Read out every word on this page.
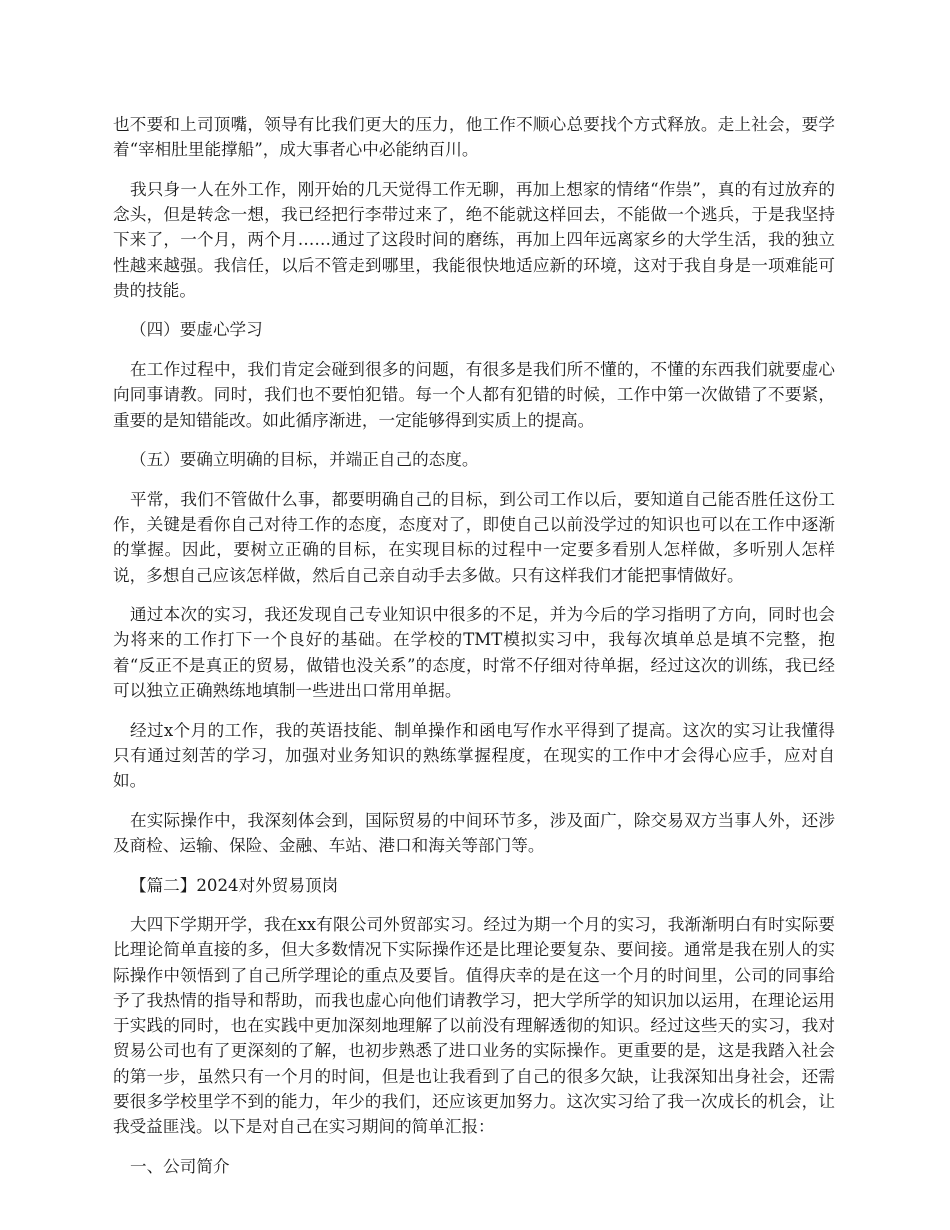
也不要和上司顶嘴，领导有比我们更大的压力，他工作不顺心总要找个方式释放。走上社会，要学着“宰相肚里能撑船”，成大事者心中必能纳百川。

我只身一人在外工作，刚开始的几天觉得工作无聊，再加上想家的情绪“作祟”，真的有过放弃的念头，但是转念一想，我已经把行李带过来了，绝不能就这样回去，不能做一个逃兵，于是我坚持下来了，一个月，两个月……通过了这段时间的磨练，再加上四年远离家乡的大学生活，我的独立性越来越强。我信任，以后不管走到哪里，我能很快地适应新的环境，这对于我自身是一项难能可贵的技能。

（四）要虚心学习

在工作过程中，我们肯定会碰到很多的问题，有很多是我们所不懂的，不懂的东西我们就要虚心向同事请教。同时，我们也不要怕犯错。每一个人都有犯错的时候，工作中第一次做错了不要紧，重要的是知错能改。如此循序渐进，一定能够得到实质上的提高。

（五）要确立明确的目标，并端正自己的态度。

平常，我们不管做什么事，都要明确自己的目标，到公司工作以后，要知道自己能否胜任这份工作，关键是看你自己对待工作的态度，态度对了，即使自己以前没学过的知识也可以在工作中逐渐的掌握。因此，要树立正确的目标，在实现目标的过程中一定要多看别人怎样做，多听别人怎样说，多想自己应该怎样做，然后自己亲自动手去多做。只有这样我们才能把事情做好。

通过本次的实习，我还发现自己专业知识中很多的不足，并为今后的学习指明了方向，同时也会为将来的工作打下一个良好的基础。在学校的TMT模拟实习中，我每次填单总是填不完整，抱着“反正不是真正的贸易，做错也没关系”的态度，时常不仔细对待单据，经过这次的训练，我已经可以独立正确熟练地填制一些进出口常用单据。

经过x个月的工作，我的英语技能、制单操作和函电写作水平得到了提高。这次的实习让我懂得只有通过刻苦的学习，加强对业务知识的熟练掌握程度，在现实的工作中才会得心应手，应对自如。

在实际操作中，我深刻体会到，国际贸易的中间环节多，涉及面广，除交易双方当事人外，还涉及商检、运输、保险、金融、车站、港口和海关等部门等。

【篇二】2024对外贸易顶岗

大四下学期开学，我在xx有限公司外贸部实习。经过为期一个月的实习，我渐渐明白有时实际要比理论简单直接的多，但大多数情况下实际操作还是比理论要复杂、要间接。通常是我在别人的实际操作中领悟到了自己所学理论的重点及要旨。值得庆幸的是在这一个月的时间里，公司的同事给予了我热情的指导和帮助，而我也虚心向他们请教学习，把大学所学的知识加以运用，在理论运用于实践的同时，也在实践中更加深刻地理解了以前没有理解透彻的知识。经过这些天的实习，我对贸易公司也有了更深刻的了解，也初步熟悉了进口业务的实际操作。更重要的是，这是我踏入社会的第一步，虽然只有一个月的时间，但是也让我看到了自己的很多欠缺，让我深知出身社会，还需要很多学校里学不到的能力，年少的我们，还应该更加努力。这次实习给了我一次成长的机会，让我受益匪浅。以下是对自己在实习期间的简单汇报：

一、公司简介
